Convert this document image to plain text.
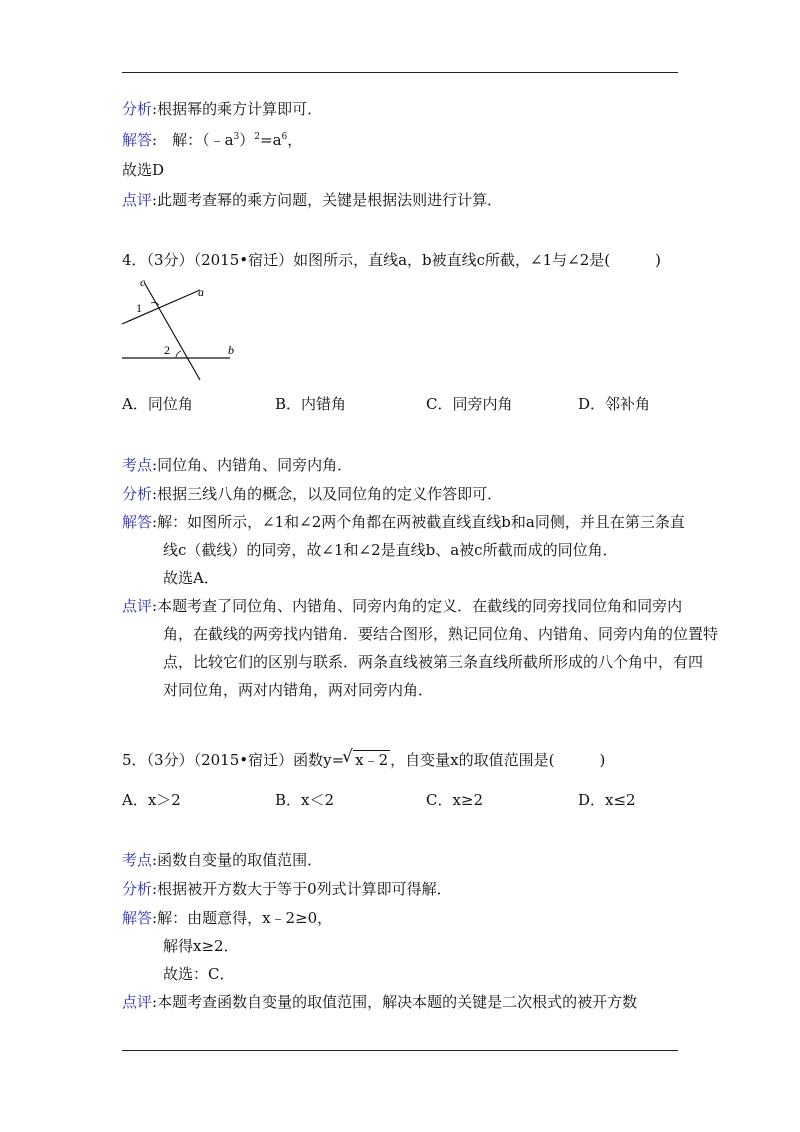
分析:根据幂的乘方计算即可．
解答:　解：$(﹣a^3)^2=a^6$，
故选D
点评:此题考查幂的乘方问题，关键是根据法则进行计算．
4．（3分）（2015•宿迁）如图所示，直线a，b被直线c所截，∠1与∠2是(　　　)
c
a
1
2	b
A．同位角	B．内错角	C．同旁内角	D．邻补角
考点:同位角、内错角、同旁内角．
分析:根据三线八角的概念，以及同位角的定义作答即可．
解答:解：如图所示，∠1和∠2两个角都在两被截直线直线b和a同侧，并且在第三条直
线c（截线）的同旁，故∠1和∠2是直线b、a被c所截而成的同位角．
故选A．
点评:本题考查了同位角、内错角、同旁内角的定义．在截线的同旁找同位角和同旁内
角，在截线的两旁找内错角．要结合图形，熟记同位角、内错角、同旁内角的位置特
点，比较它们的区别与联系．两条直线被第三条直线所截所形成的八个角中，有四
对同位角，两对内错角，两对同旁内角．
5．（3分）（2015•宿迁）函数y=
√ x﹣2 ，自变量x的取值范围是(　　　)
A．x＞2	B．x＜2	C．x≥2	D．x≤2
考点:函数自变量的取值范围．
分析:根据被开方数大于等于0列式计算即可得解．
解答:解：由题意得，x﹣2≥0，
解得x≥2．
故选：C．
点评:本题考查函数自变量的取值范围，解决本题的关键是二次根式的被开方数
